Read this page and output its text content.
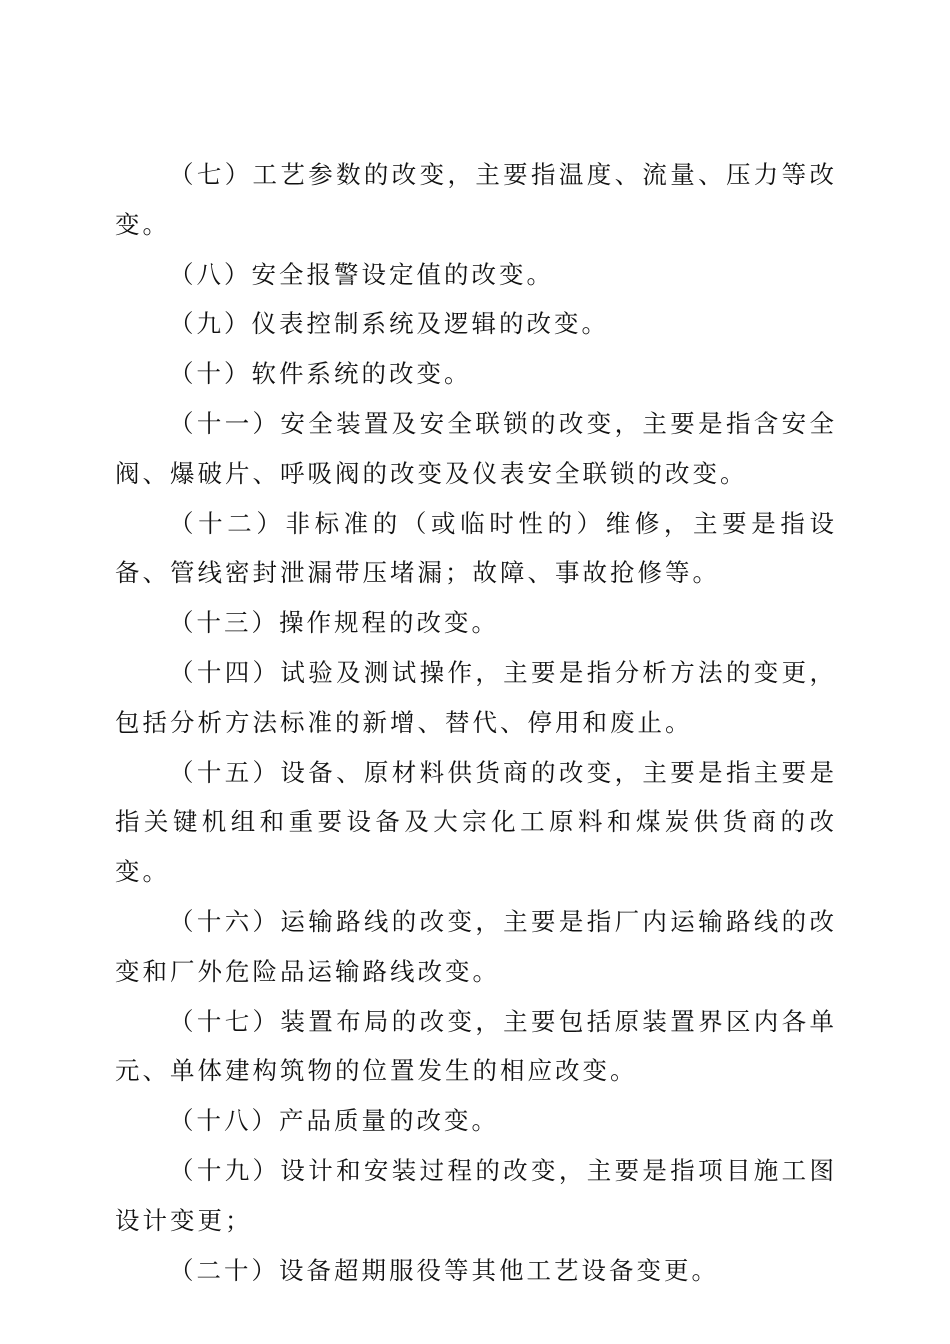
（七）工艺参数的改变，主要指温度、流量、压力等改变。

（八）安全报警设定值的改变。

（九）仪表控制系统及逻辑的改变。

（十）软件系统的改变。

（十一）安全装置及安全联锁的改变，主要是指含安全阀、爆破片、呼吸阀的改变及仪表安全联锁的改变。

（十二）非标准的（或临时性的）维修，主要是指设备、管线密封泄漏带压堵漏；故障、事故抢修等。

（十三）操作规程的改变。

（十四）试验及测试操作，主要是指分析方法的变更，包括分析方法标准的新增、替代、停用和废止。

（十五）设备、原材料供货商的改变，主要是指主要是指关键机组和重要设备及大宗化工原料和煤炭供货商的改变。

（十六）运输路线的改变，主要是指厂内运输路线的改变和厂外危险品运输路线改变。

（十七）装置布局的改变，主要包括原装置界区内各单元、单体建构筑物的位置发生的相应改变。

（十八）产品质量的改变。

（十九）设计和安装过程的改变，主要是指项目施工图设计变更；

（二十）设备超期服役等其他工艺设备变更。
